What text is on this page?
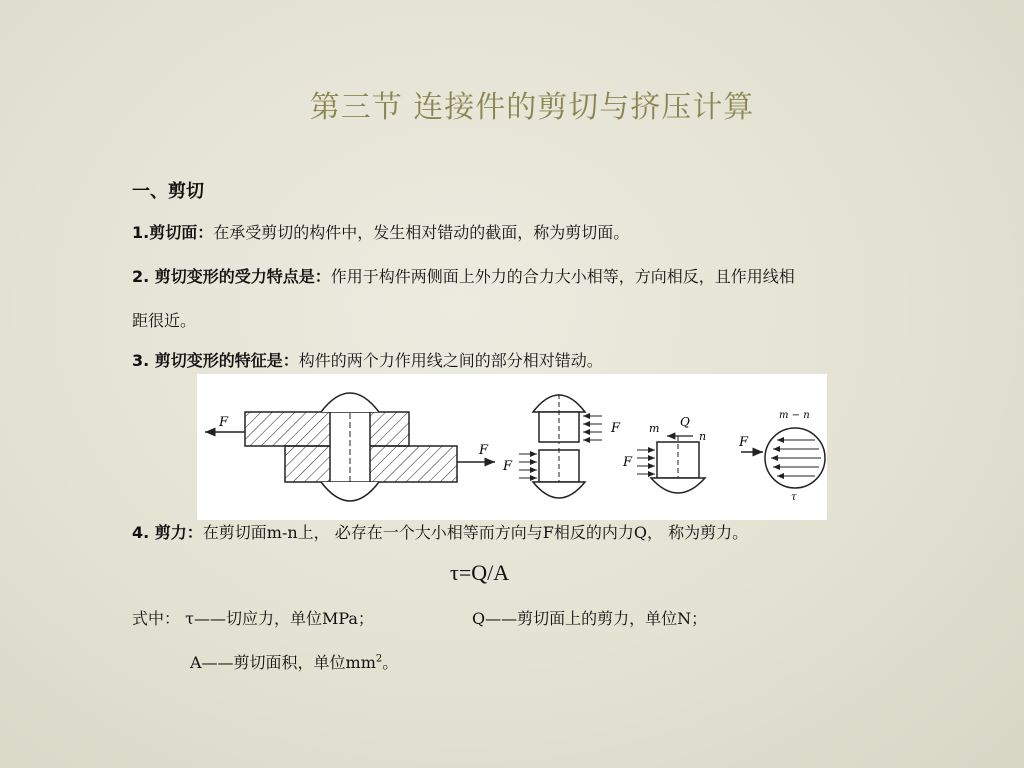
第三节 连接件的剪切与挤压计算
一、剪切
1.剪切面：在承受剪切的构件中，发生相对错动的截面，称为剪切面。
2. 剪切变形的受力特点是：作用于构件两侧面上外力的合力大小相等，方向相反，且作用线相
距很近。
3. 剪切变形的特征是：构件的两个力作用线之间的部分相对错动。
F
F
F
F
m Q
n
F
m − n
F
τ
4. 剪力：在剪切面m-n上， 必存在一个大小相等而方向与F相反的内力Q， 称为剪力。
τ=Q/A
式中： τ——切应力，单位MPa；	Q——剪切面上的剪力，单位N；
A——剪切面积，单位$mm^2$。
